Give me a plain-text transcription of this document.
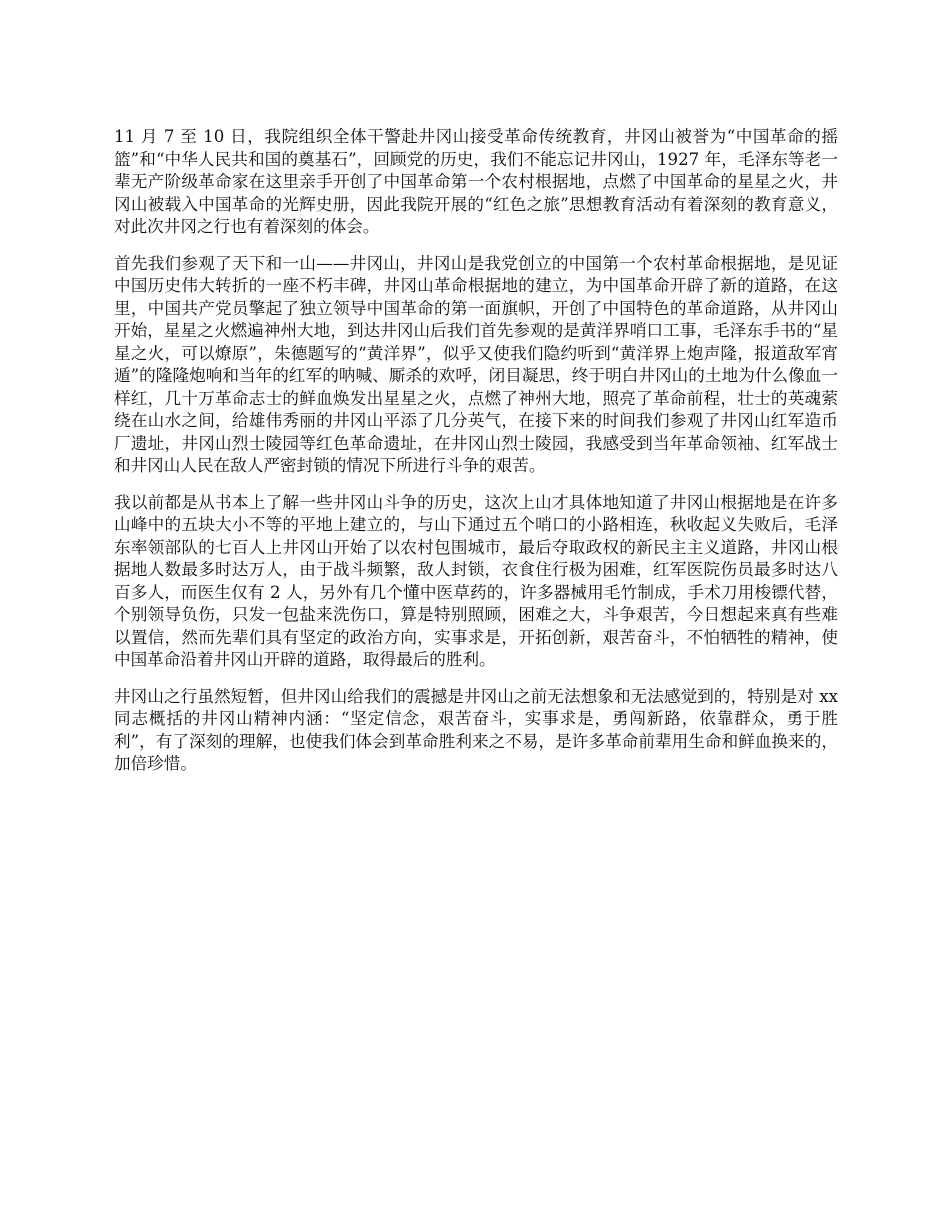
11 月 7 至 10 日，我院组织全体干警赴井冈山接受革命传统教育，井冈山被誉为“中国革命的摇篮”和“中华人民共和国的奠基石”，回顾党的历史，我们不能忘记井冈山，1927 年，毛泽东等老一辈无产阶级革命家在这里亲手开创了中国革命第一个农村根据地，点燃了中国革命的星星之火，井冈山被载入中国革命的光辉史册，因此我院开展的“红色之旅”思想教育活动有着深刻的教育意义，对此次井冈之行也有着深刻的体会。

首先我们参观了天下和一山——井冈山，井冈山是我党创立的中国第一个农村革命根据地，是见证中国历史伟大转折的一座不朽丰碑，井冈山革命根据地的建立，为中国革命开辟了新的道路，在这里，中国共产党员擎起了独立领导中国革命的第一面旗帜，开创了中国特色的革命道路，从井冈山开始，星星之火燃遍神州大地，到达井冈山后我们首先参观的是黄洋界哨口工事，毛泽东手书的“星星之火，可以燎原”，朱德题写的“黄洋界”，似乎又使我们隐约听到“黄洋界上炮声隆，报道敌军宵遁”的隆隆炮响和当年的红军的呐喊、厮杀的欢呼，闭目凝思，终于明白井冈山的土地为什么像血一样红，几十万革命志士的鲜血焕发出星星之火，点燃了神州大地，照亮了革命前程，壮士的英魂萦绕在山水之间，给雄伟秀丽的井冈山平添了几分英气，在接下来的时间我们参观了井冈山红军造币厂遗址，井冈山烈士陵园等红色革命遗址，在井冈山烈士陵园，我感受到当年革命领袖、红军战士和井冈山人民在敌人严密封锁的情况下所进行斗争的艰苦。

我以前都是从书本上了解一些井冈山斗争的历史，这次上山才具体地知道了井冈山根据地是在许多山峰中的五块大小不等的平地上建立的，与山下通过五个哨口的小路相连，秋收起义失败后，毛泽东率领部队的七百人上井冈山开始了以农村包围城市，最后夺取政权的新民主主义道路，井冈山根据地人数最多时达万人，由于战斗频繁，敌人封锁，衣食住行极为困难，红军医院伤员最多时达八百多人，而医生仅有 2 人，另外有几个懂中医草药的，许多器械用毛竹制成，手术刀用梭镖代替，个别领导负伤，只发一包盐来洗伤口，算是特别照顾，困难之大，斗争艰苦，今日想起来真有些难以置信，然而先辈们具有坚定的政治方向，实事求是，开拓创新，艰苦奋斗，不怕牺牲的精神，使中国革命沿着井冈山开辟的道路，取得最后的胜利。

井冈山之行虽然短暂，但井冈山给我们的震撼是井冈山之前无法想象和无法感觉到的，特别是对 xx 同志概括的井冈山精神内涵：“坚定信念，艰苦奋斗，实事求是，勇闯新路，依靠群众，勇于胜利”，有了深刻的理解，也使我们体会到革命胜利来之不易，是许多革命前辈用生命和鲜血换来的，加倍珍惜。
